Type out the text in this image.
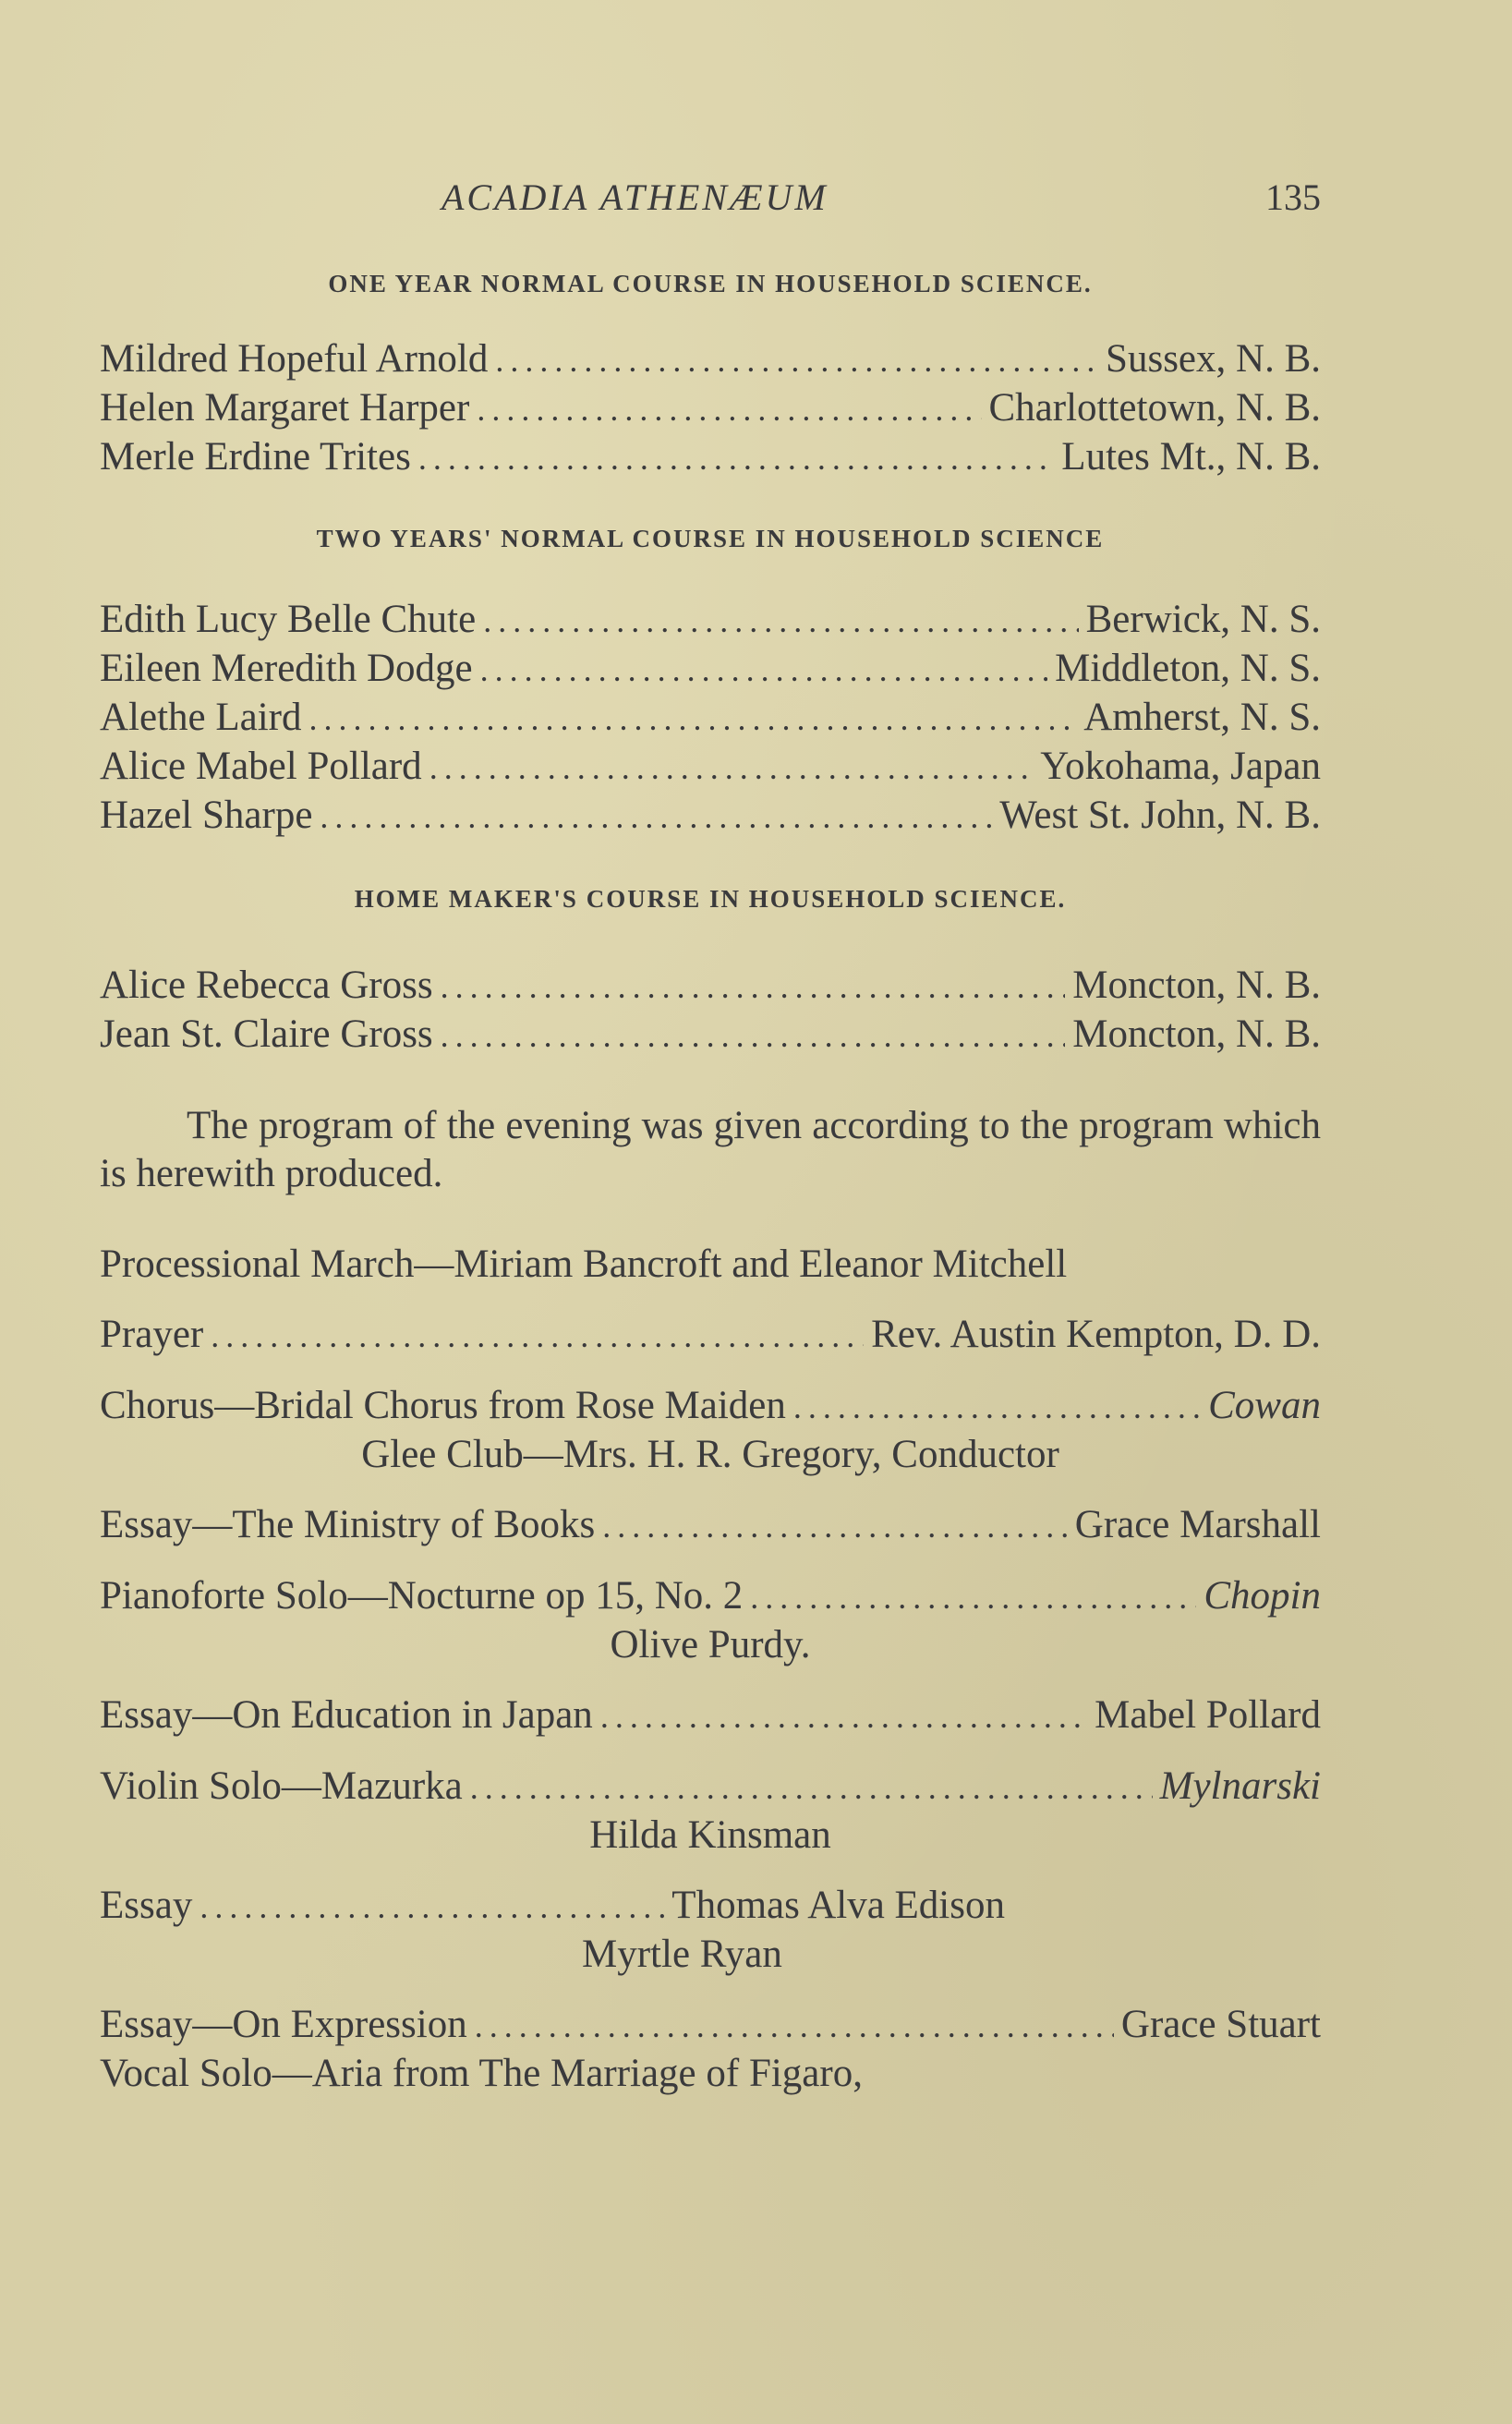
ACADIA ATHENÆUM	135
ONE YEAR NORMAL COURSE IN HOUSEHOLD SCIENCE.
Mildred Hopeful Arnold .....	Sussex, N. B.
Helen Margaret Harper .....	Charlottetown, N. B.
Merle Erdine Trites .....	Lutes Mt., N. B.
TWO YEARS' NORMAL COURSE IN HOUSEHOLD SCIENCE
Edith Lucy Belle Chute .....	Berwick, N. S.
Eileen Meredith Dodge .....	Middleton, N. S.
Alethe Laird .....	Amherst, N. S.
Alice Mabel Pollard .....	Yokohama, Japan
Hazel Sharpe .....	West St. John, N. B.
HOME MAKER'S COURSE IN HOUSEHOLD SCIENCE.
Alice Rebecca Gross .....	Moncton, N. B.
Jean St. Claire Gross .....	Moncton, N. B.

The program of the evening was given according to the program which is herewith produced.

Processional March—Miriam Bancroft and Eleanor Mitchell
Prayer .....	Rev. Austin Kempton, D. D.
Chorus—Bridal Chorus from Rose Maiden .....	Cowan
Glee Club—Mrs. H. R. Gregory, Conductor
Essay—The Ministry of Books .....	Grace Marshall
Pianoforte Solo—Nocturne op 15, No. 2 .....	Chopin
Olive Purdy.
Essay—On Education in Japan .....	Mabel Pollard
Violin Solo—Mazurka .....	Mylnarski
Hilda Kinsman
Essay .....	Thomas Alva Edison
Myrtle Ryan
Essay—On Expression .....	Grace Stuart
Vocal Solo—Aria from The Marriage of Figaro,
